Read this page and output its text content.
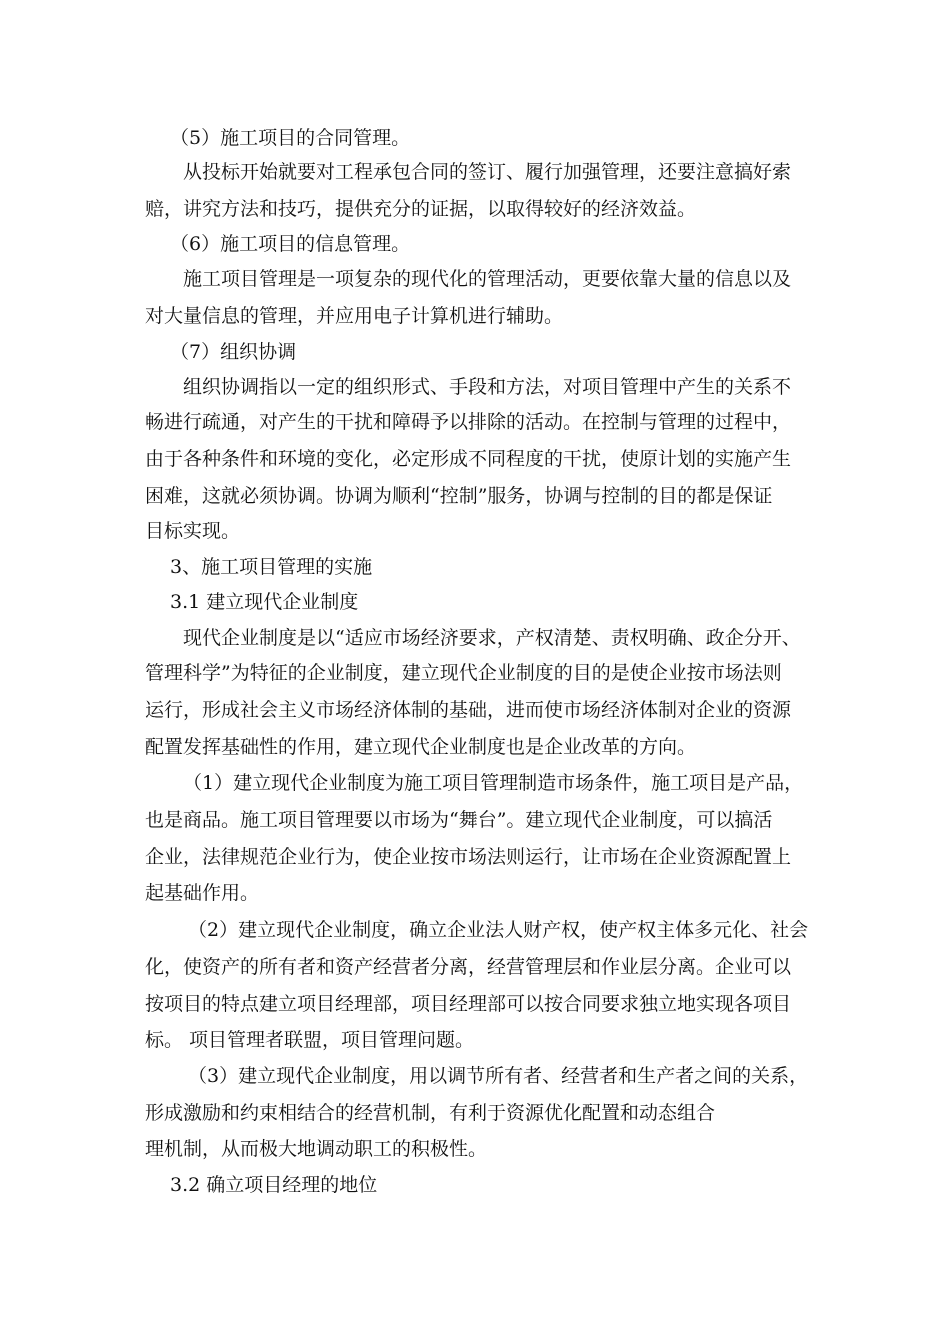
（5）施工项目的合同管理。
从投标开始就要对工程承包合同的签订、履行加强管理，还要注意搞好索
赔，讲究方法和技巧，提供充分的证据，以取得较好的经济效益。
（6）施工项目的信息管理。
施工项目管理是一项复杂的现代化的管理活动，更要依靠大量的信息以及
对大量信息的管理，并应用电子计算机进行辅助。
（7）组织协调
组织协调指以一定的组织形式、手段和方法，对项目管理中产生的关系不
畅进行疏通，对产生的干扰和障碍予以排除的活动。在控制与管理的过程中，
由于各种条件和环境的变化，必定形成不同程度的干扰，使原计划的实施产生
困难，这就必须协调。协调为顺利“控制”服务，协调与控制的目的都是保证
目标实现。
3、施工项目管理的实施
3.1 建立现代企业制度
现代企业制度是以“适应市场经济要求，产权清楚、责权明确、政企分开、
管理科学”为特征的企业制度，建立现代企业制度的目的是使企业按市场法则
运行，形成社会主义市场经济体制的基础，进而使市场经济体制对企业的资源
配置发挥基础性的作用，建立现代企业制度也是企业改革的方向。
（1）建立现代企业制度为施工项目管理制造市场条件，施工项目是产品，
也是商品。施工项目管理要以市场为“舞台”。建立现代企业制度，可以搞活
企业，法律规范企业行为，使企业按市场法则运行，让市场在企业资源配置上
起基础作用。
（2）建立现代企业制度，确立企业法人财产权，使产权主体多元化、社会
化，使资产的所有者和资产经营者分离，经营管理层和作业层分离。企业可以
按项目的特点建立项目经理部，项目经理部可以按合同要求独立地实现各项目
标。 项目管理者联盟，项目管理问题。
（3）建立现代企业制度，用以调节所有者、经营者和生产者之间的关系，
形成激励和约束相结合的经营机制，有利于资源优化配置和动态组合
理机制，从而极大地调动职工的积极性。
3.2 确立项目经理的地位
